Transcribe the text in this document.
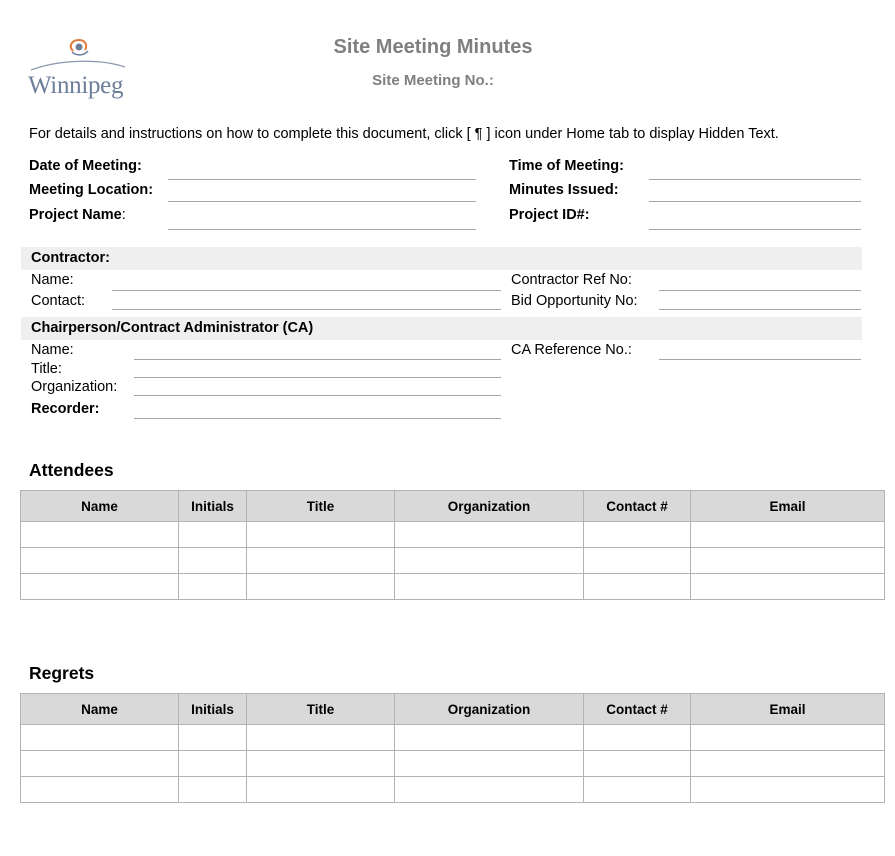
Winnipeg
Site Meeting Minutes
Site Meeting No.:
For details and instructions on how to complete this document, click [ ¶ ] icon under Home tab to display Hidden Text.
Date of Meeting:
Meeting Location:
Project Name:
Time of Meeting:
Minutes Issued:
Project ID#:
Contractor:
Name:
Contact:
Contractor Ref No:
Bid Opportunity No:
Chairperson/Contract Administrator (CA)
Name:
Title:
Organization:
Recorder:
CA Reference No.:
Attendees
Name	Initials	Title	Organization	Contact #	Email

Regrets
Name	Initials	Title	Organization	Contact #	Email
